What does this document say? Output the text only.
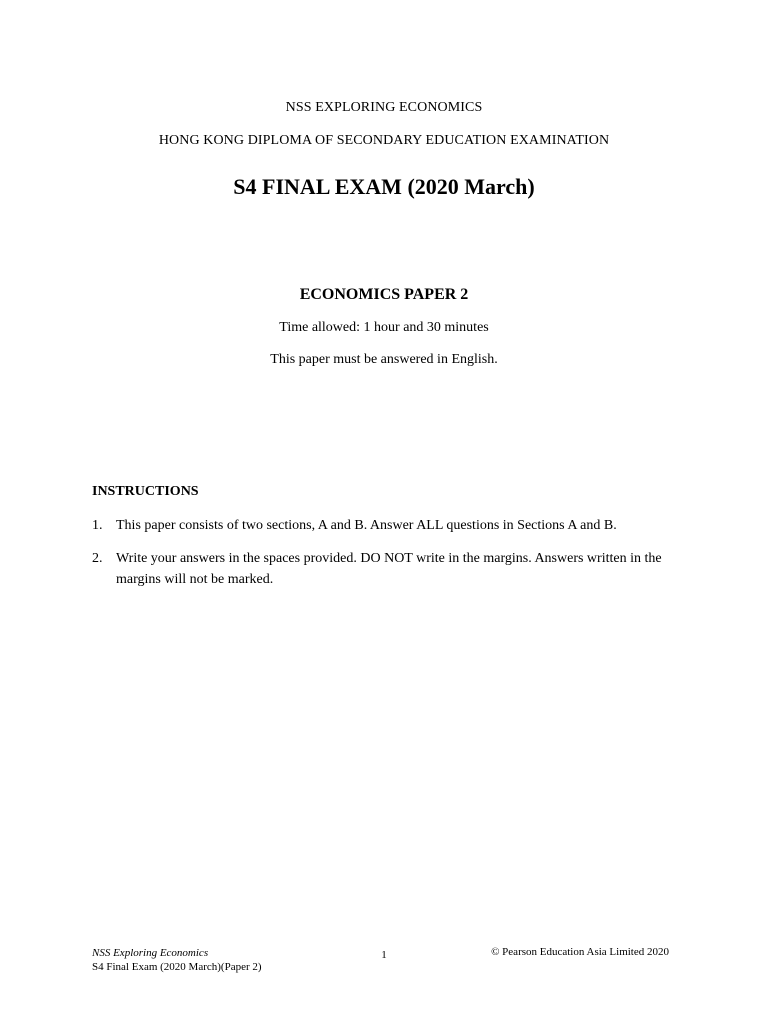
NSS EXPLORING ECONOMICS
HONG KONG DIPLOMA OF SECONDARY EDUCATION EXAMINATION
S4 FINAL EXAM (2020 March)
ECONOMICS PAPER 2
Time allowed: 1 hour and 30 minutes
This paper must be answered in English.
INSTRUCTIONS
1. This paper consists of two sections, A and B. Answer ALL questions in Sections A and B.
2. Write your answers in the spaces provided. DO NOT write in the margins. Answers written in the margins will not be marked.
NSS Exploring Economics
S4 Final Exam (2020 March)(Paper 2)
1	© Pearson Education Asia Limited 2020
